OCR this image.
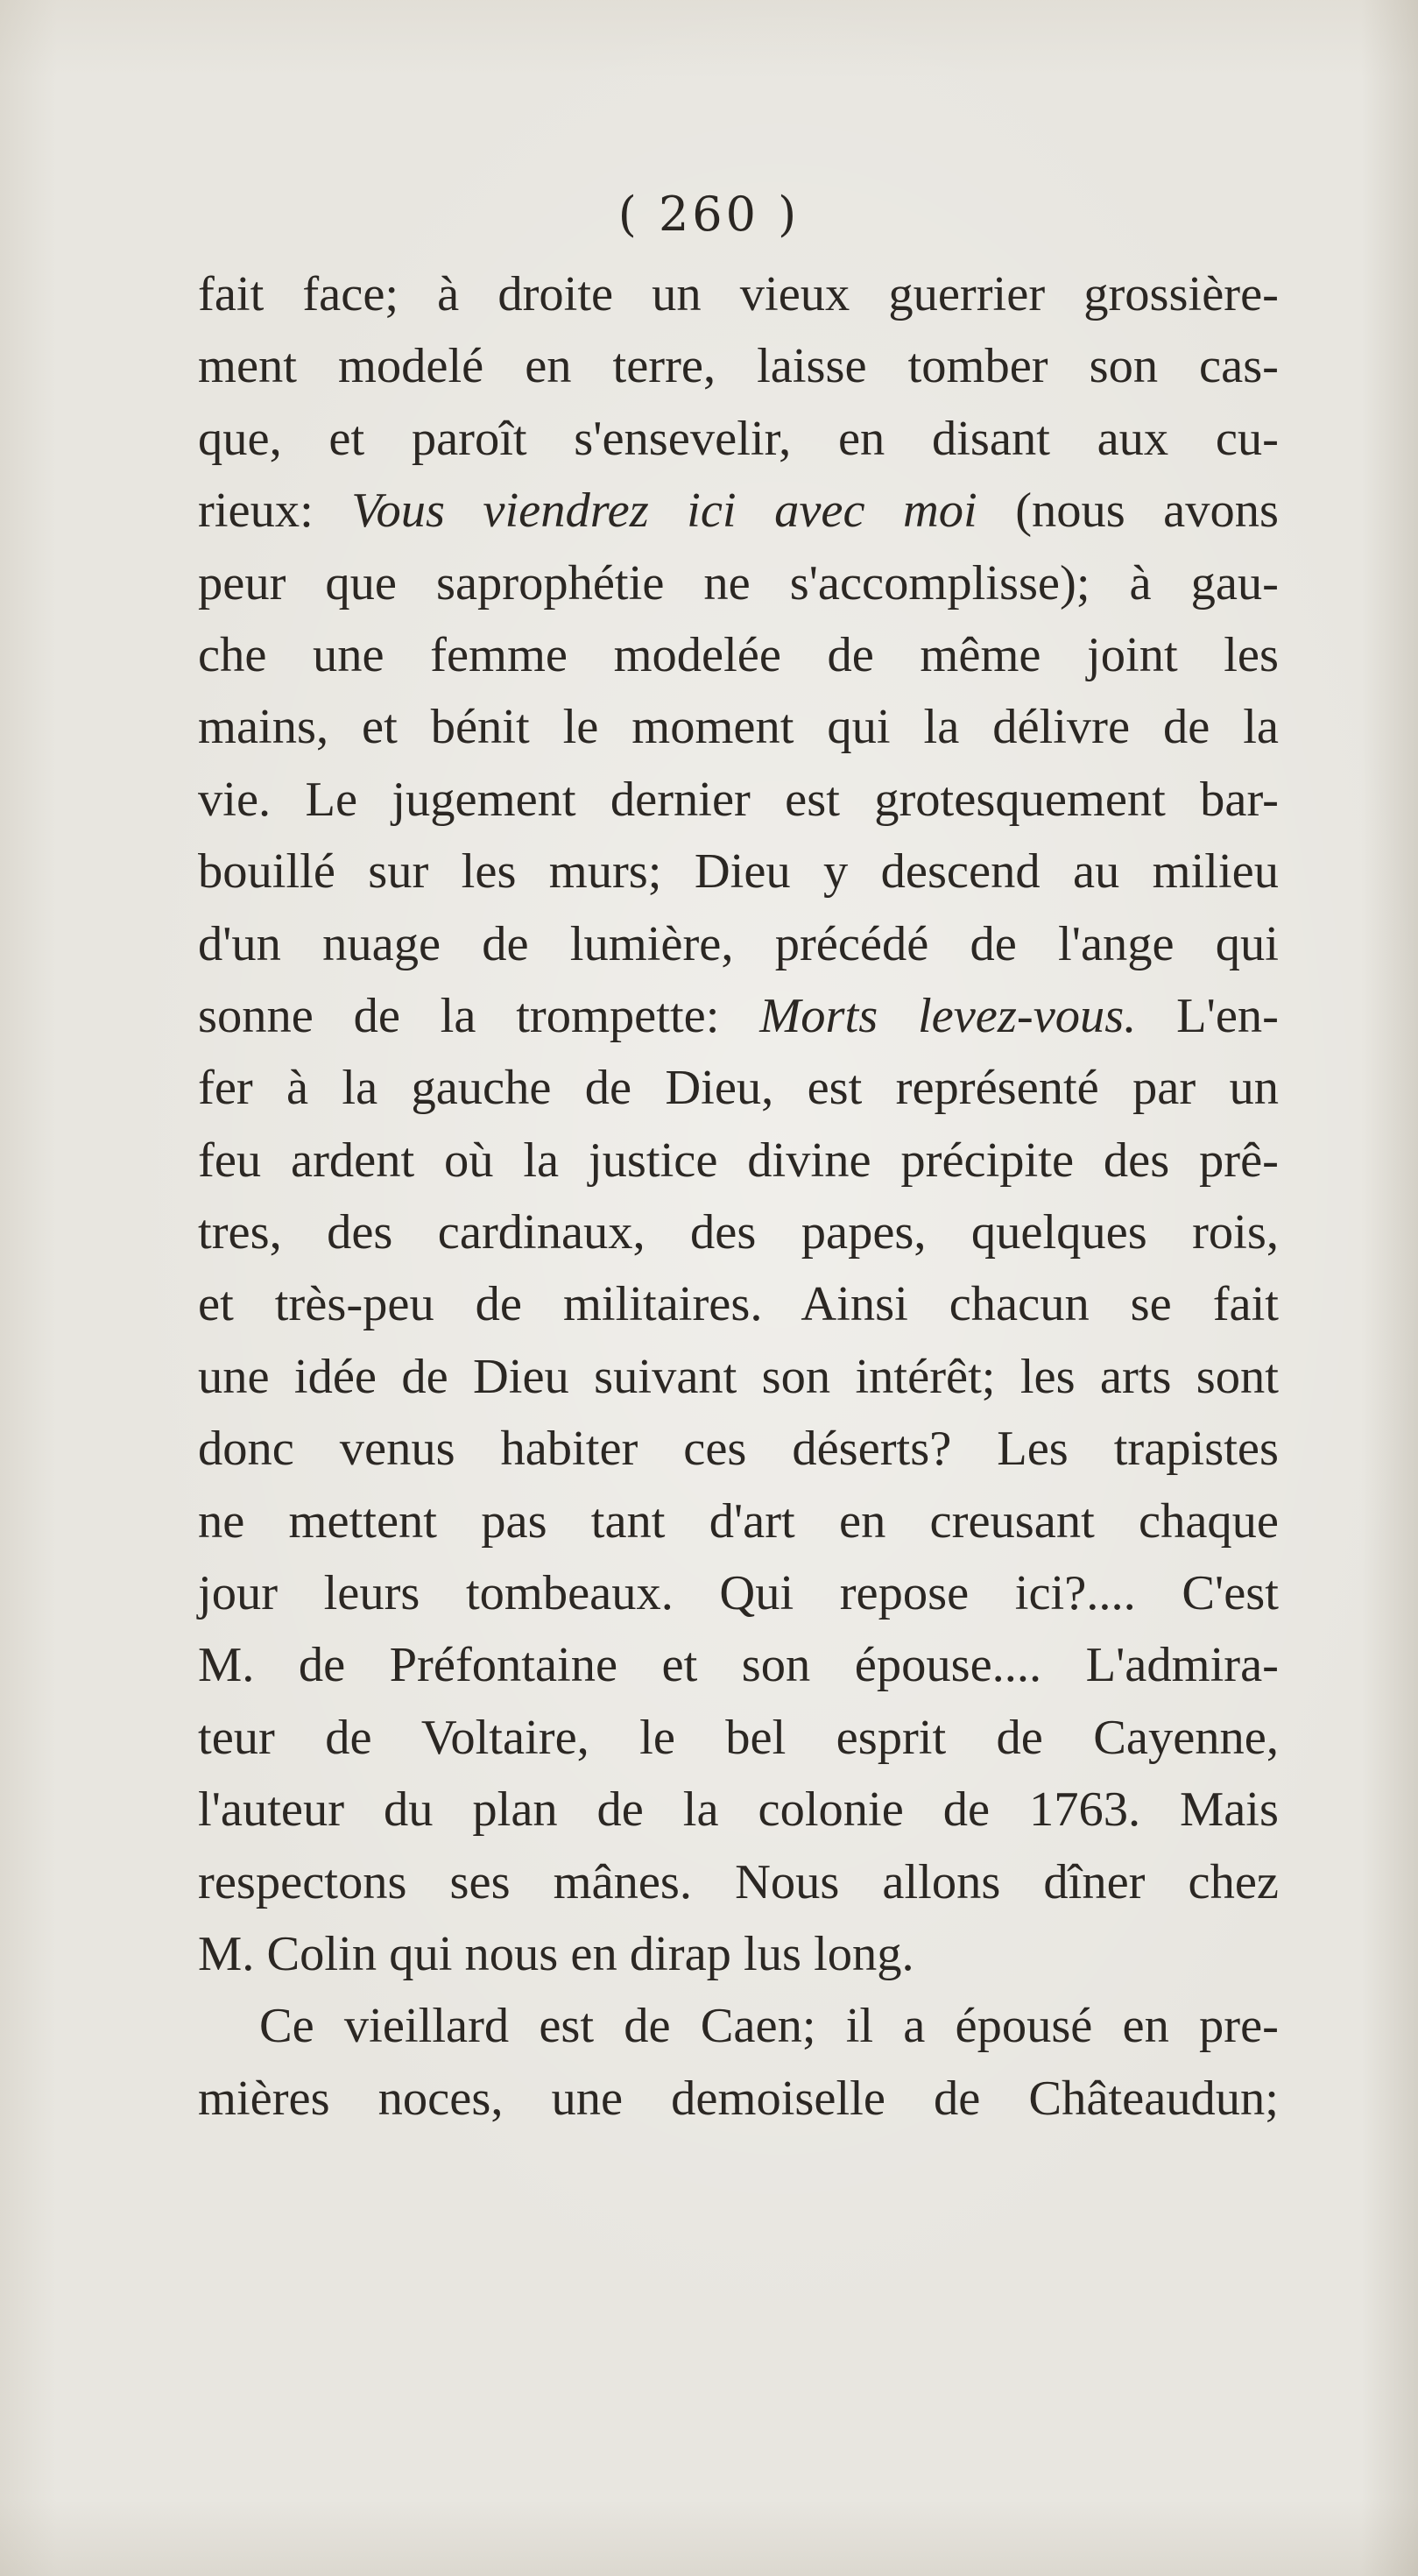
( 260 )
fait face; à droite un vieux guerrier grossière-
ment modelé en terre, laisse tomber son cas-
que, et paroît s'ensevelir, en disant aux cu-
rieux: Vous viendrez ici avec moi (nous avons
peur que saprophétie ne s'accomplisse); à gau-
che une femme modelée de même joint les
mains, et bénit le moment qui la délivre de la
vie. Le jugement dernier est grotesquement bar-
bouillé sur les murs; Dieu y descend au milieu
d'un nuage de lumière, précédé de l'ange qui
sonne de la trompette: Morts levez-vous. L'en-
fer à la gauche de Dieu, est représenté par un
feu ardent où la justice divine précipite des prê-
tres, des cardinaux, des papes, quelques rois,
et très-peu de militaires. Ainsi chacun se fait
une idée de Dieu suivant son intérêt; les arts sont
donc venus habiter ces déserts? Les trapistes
ne mettent pas tant d'art en creusant chaque
jour leurs tombeaux. Qui repose ici?.... C'est
M. de Préfontaine et son épouse.... L'admira-
teur de Voltaire, le bel esprit de Cayenne,
l'auteur du plan de la colonie de 1763. Mais
respectons ses mânes. Nous allons dîner chez
M. Colin qui nous en dirap lus long.
Ce vieillard est de Caen; il a épousé en pre-
mières noces, une demoiselle de Châteaudun;
